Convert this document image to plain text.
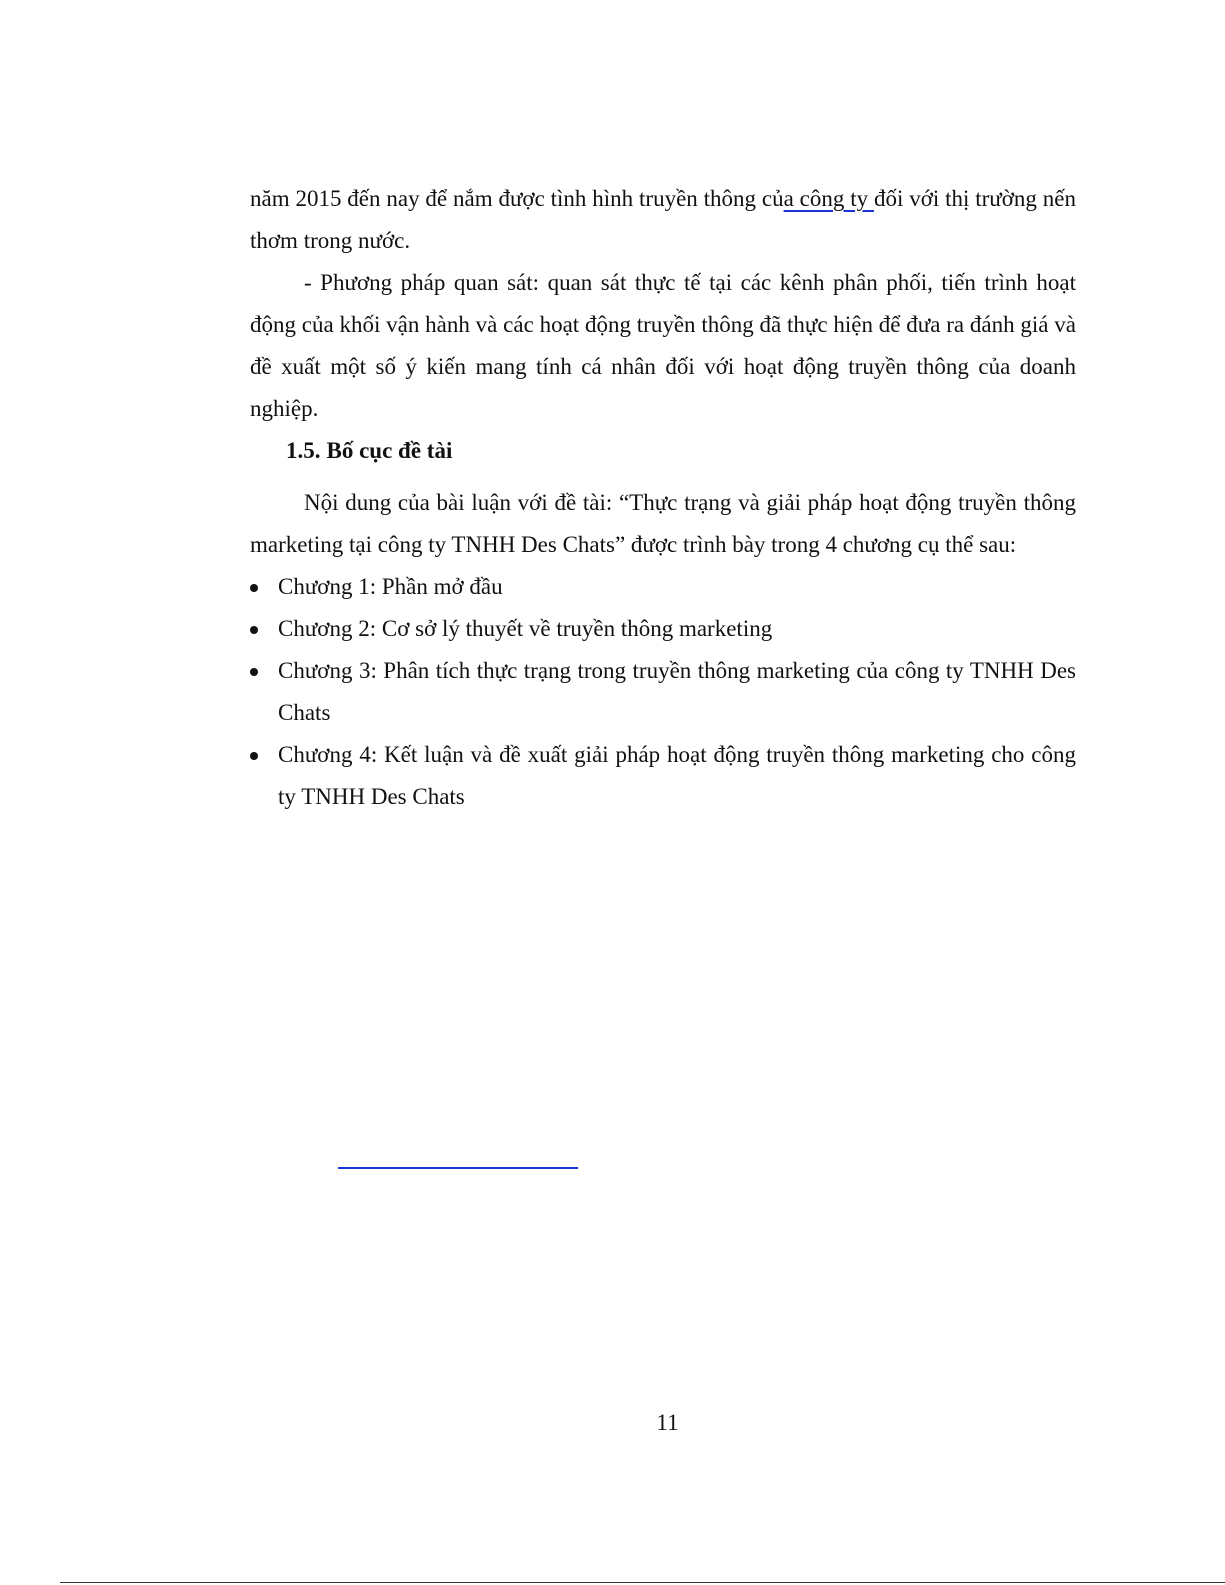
năm 2015 đến nay để nắm được tình hình truyền thông của công ty đối với thị trường nến thơm trong nước.

- Phương pháp quan sát: quan sát thực tế tại các kênh phân phối, tiến trình hoạt động của khối vận hành và các hoạt động truyền thông đã thực hiện để đưa ra đánh giá và đề xuất một số ý kiến mang tính cá nhân đối với hoạt động truyền thông của doanh nghiệp.

1.5. Bố cục đề tài

Nội dung của bài luận với đề tài: “Thực trạng và giải pháp hoạt động truyền thông marketing tại công ty TNHH Des Chats” được trình bày trong 4 chương cụ thể sau:

Chương 1: Phần mở đầu
Chương 2: Cơ sở lý thuyết về truyền thông marketing
Chương 3: Phân tích thực trạng trong truyền thông marketing của công ty TNHH Des Chats
Chương 4: Kết luận và đề xuất giải pháp hoạt động truyền thông marketing cho công ty TNHH Des Chats
11
